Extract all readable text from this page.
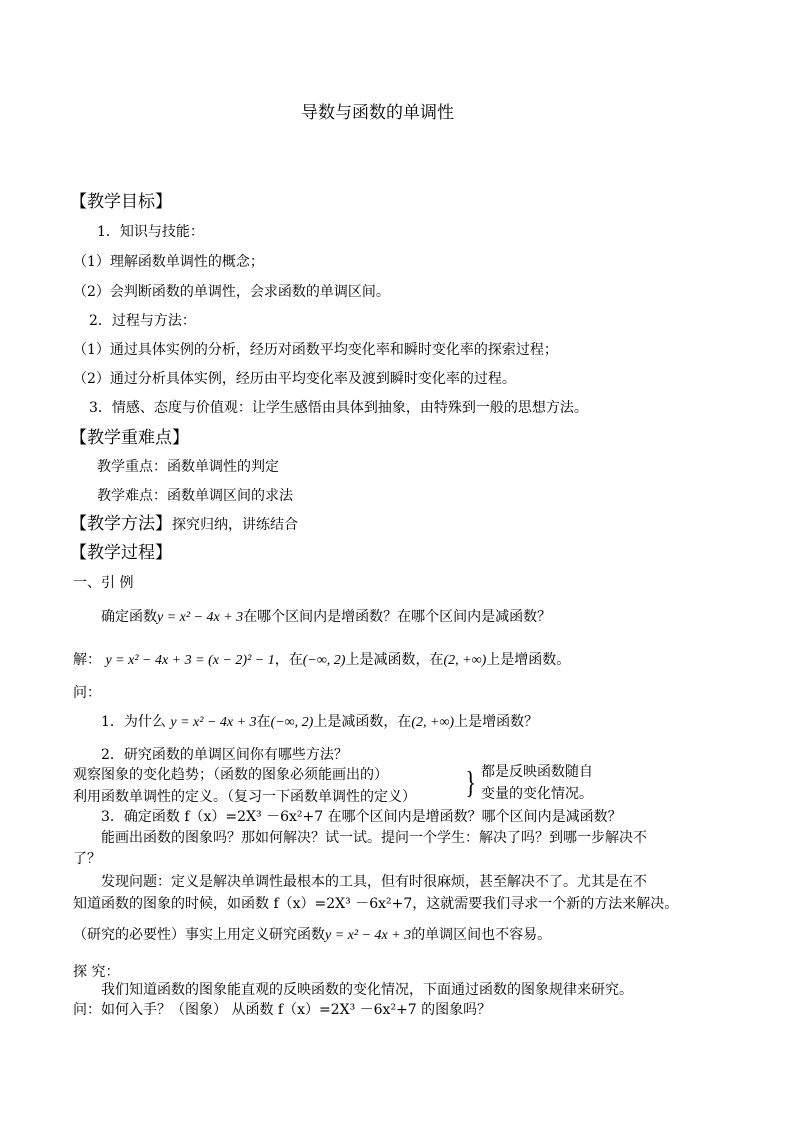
导数与函数的单调性
【教学目标】
1．知识与技能：
（1）理解函数单调性的概念；
（2）会判断函数的单调性，会求函数的单调区间。
2．过程与方法：
（1）通过具体实例的分析，经历对函数平均变化率和瞬时变化率的探索过程；
（2）通过分析具体实例，经历由平均变化率及渡到瞬时变化率的过程。
3．情感、态度与价值观：让学生感悟由具体到抽象，由特殊到一般的思想方法。
【教学重难点】
教学重点：函数单调性的判定
教学难点：函数单调区间的求法
【教学方法】探究归纳，讲练结合
【教学过程】
一、引 例
确定函数y = x² − 4x + 3在哪个区间内是增函数？在哪个区间内是减函数？
解： y = x² − 4x + 3 = (x − 2)² − 1，在(−∞, 2)上是减函数，在(2, +∞)上是增函数。
问：
1．为什么 y = x² − 4x + 3在(−∞, 2)上是减函数，在(2, +∞)上是增函数？
2．研究函数的单调区间你有哪些方法？
观察图象的变化趋势；（函数的图象必须能画出的）
利用函数单调性的定义。（复习一下函数单调性的定义） } 都是反映函数随自
变量的变化情况。
3．确定函数 f（x）=2X³ －6x²+7 在哪个区间内是增函数？哪个区间内是减函数？
能画出函数的图象吗？那如何解决？试一试。提问一个学生：解决了吗？到哪一步解决不
了？
发现问题：定义是解决单调性最根本的工具，但有时很麻烦，甚至解决不了。尤其是在不
知道函数的图象的时候，如函数 f（x）=2X³ －6x²+7，这就需要我们寻求一个新的方法来解决。
（研究的必要性）事实上用定义研究函数y = x² − 4x + 3的单调区间也不容易。
探 究：
我们知道函数的图象能直观的反映函数的变化情况，下面通过函数的图象规律来研究。
问：如何入手？（图象） 从函数 f（x）=2X³ －6x²+7 的图象吗？
